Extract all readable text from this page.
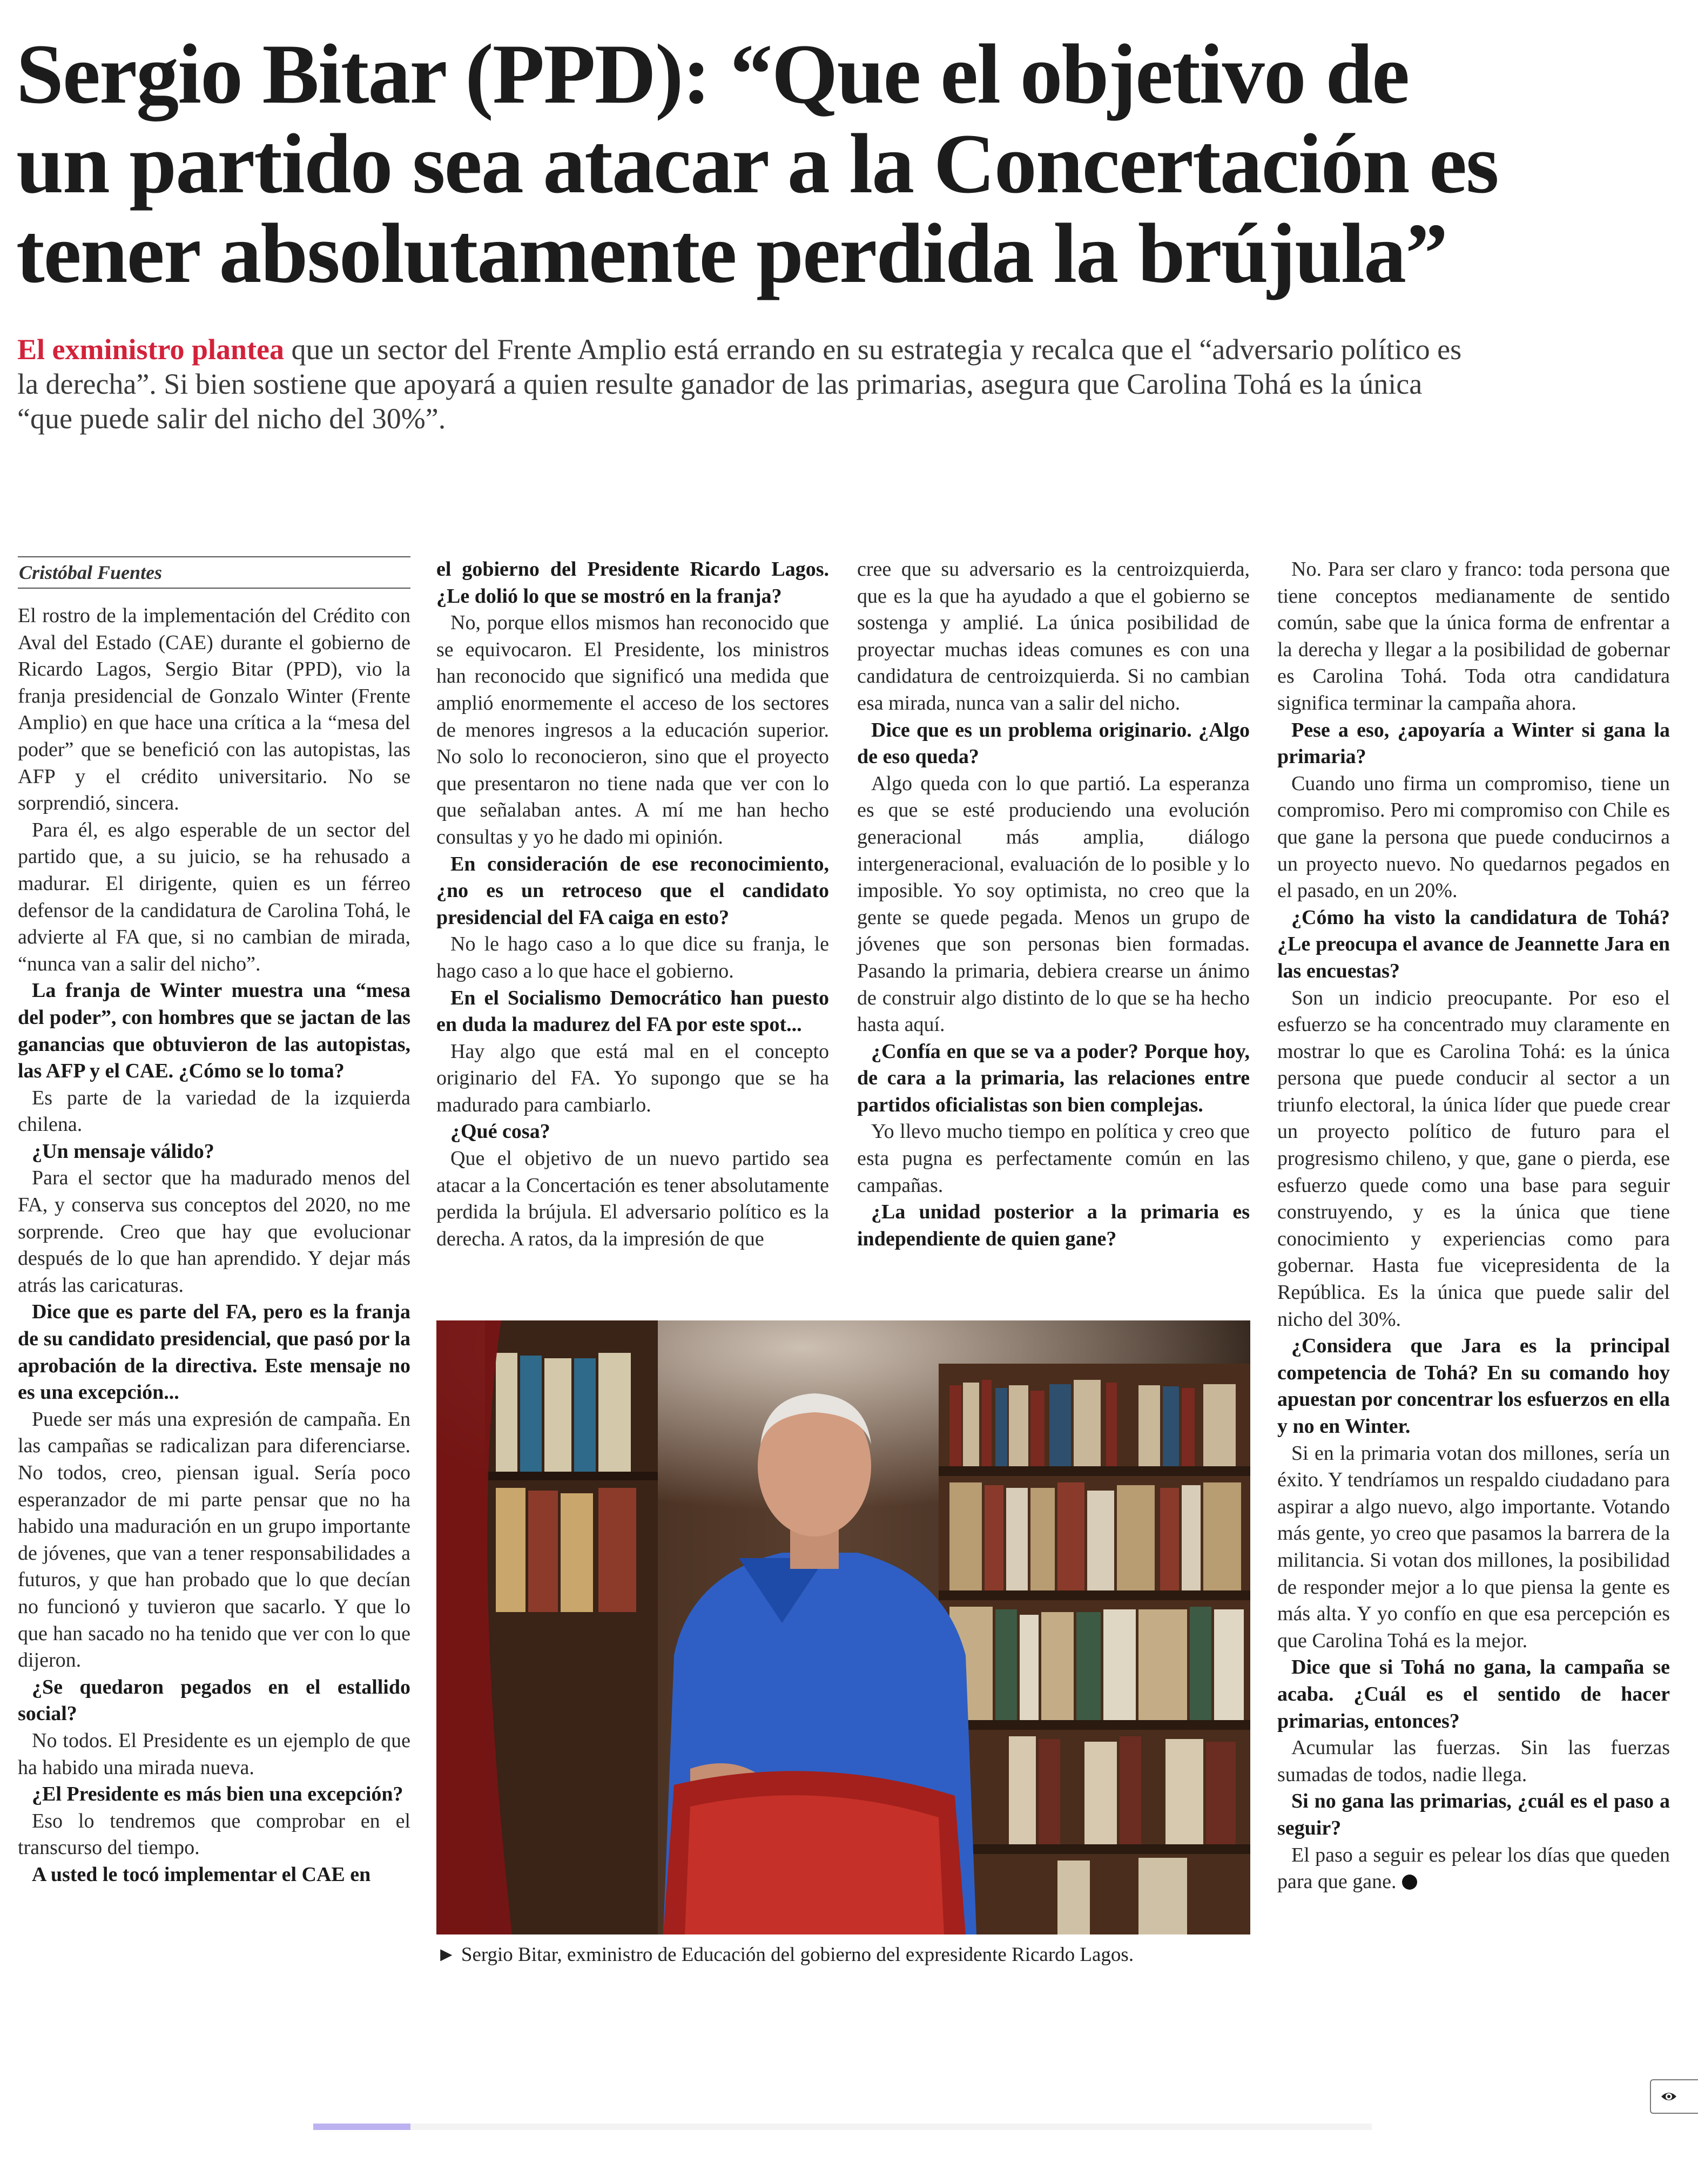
Sergio Bitar (PPD): “Que el objetivo de
un partido sea atacar a la Concertación es
tener absolutamente perdida la brújula”
El exministro plantea que un sector del Frente Amplio está errando en su estrategia y recalca que el “adversario político es la derecha”. Si bien sostiene que apoyará a quien resulte ganador de las primarias, asegura que Carolina Tohá es la única “que puede salir del nicho del 30%”.
Cristóbal Fuentes

El rostro de la implementación del Crédito con Aval del Estado (CAE) durante el gobierno de Ricardo Lagos, Sergio Bitar (PPD), vio la franja presidencial de Gonzalo Winter (Frente Amplio) en que hace una crítica a la “mesa del poder” que se benefició con las autopistas, las AFP y el crédito universitario. No se sorprendió, sincera.

Para él, es algo esperable de un sector del partido que, a su juicio, se ha rehusado a madurar. El dirigente, quien es un férreo defensor de la candidatura de Carolina Tohá, le advierte al FA que, si no cambian de mirada, “nunca van a salir del nicho”.

La franja de Winter muestra una “mesa del poder”, con hombres que se jactan de las ganancias que obtuvieron de las autopistas, las AFP y el CAE. ¿Cómo se lo toma?

Es parte de la variedad de la izquierda chilena.

¿Un mensaje válido?

Para el sector que ha madurado menos del FA, y conserva sus conceptos del 2020, no me sorprende. Creo que hay que evolucionar después de lo que han aprendido. Y dejar más atrás las caricaturas.

Dice que es parte del FA, pero es la franja de su candidato presidencial, que pasó por la aprobación de la directiva. Este mensaje no es una excepción...

Puede ser más una expresión de campaña. En las campañas se radicalizan para diferenciarse. No todos, creo, piensan igual. Sería poco esperanzador de mi parte pensar que no ha habido una maduración en un grupo importante de jóvenes, que van a tener responsabilidades a futuros, y que han probado que lo que decían no funcionó y tuvieron que sacarlo. Y que lo que han sacado no ha tenido que ver con lo que dijeron.

¿Se quedaron pegados en el estallido social?

No todos. El Presidente es un ejemplo de que ha habido una mirada nueva.

¿El Presidente es más bien una excepción?

Eso lo tendremos que comprobar en el transcurso del tiempo.

A usted le tocó implementar el CAE en

el gobierno del Presidente Ricardo Lagos. ¿Le dolió lo que se mostró en la franja?

No, porque ellos mismos han reconocido que se equivocaron. El Presidente, los ministros han reconocido que significó una medida que amplió enormemente el acceso de los sectores de menores ingresos a la educación superior. No solo lo reconocieron, sino que el proyecto que presentaron no tiene nada que ver con lo que señalaban antes. A mí me han hecho consultas y yo he dado mi opinión.

En consideración de ese reconocimiento, ¿no es un retroceso que el candidato presidencial del FA caiga en esto?

No le hago caso a lo que dice su franja, le hago caso a lo que hace el gobierno.

En el Socialismo Democrático han puesto en duda la madurez del FA por este spot...

Hay algo que está mal en el concepto originario del FA. Yo supongo que se ha madurado para cambiarlo.

¿Qué cosa?

Que el objetivo de un nuevo partido sea atacar a la Concertación es tener absolutamente perdida la brújula. El adversario político es la derecha. A ratos, da la impresión de que

cree que su adversario es la centroizquierda, que es la que ha ayudado a que el gobierno se sostenga y amplié. La única posibilidad de proyectar muchas ideas comunes es con una candidatura de centroizquierda. Si no cambian esa mirada, nunca van a salir del nicho.

Dice que es un problema originario. ¿Algo de eso queda?

Algo queda con lo que partió. La esperanza es que se esté produciendo una evolución generacional más amplia, diálogo intergeneracional, evaluación de lo posible y lo imposible. Yo soy optimista, no creo que la gente se quede pegada. Menos un grupo de jóvenes que son personas bien formadas. Pasando la primaria, debiera crearse un ánimo de construir algo distinto de lo que se ha hecho hasta aquí.

¿Confía en que se va a poder? Porque hoy, de cara a la primaria, las relaciones entre partidos oficialistas son bien complejas.

Yo llevo mucho tiempo en política y creo que esta pugna es perfectamente común en las campañas.

¿La unidad posterior a la primaria es independiente de quien gane?

No. Para ser claro y franco: toda persona que tiene conceptos medianamente de sentido común, sabe que la única forma de enfrentar a la derecha y llegar a la posibilidad de gobernar es Carolina Tohá. Toda otra candidatura significa terminar la campaña ahora.

Pese a eso, ¿apoyaría a Winter si gana la primaria?

Cuando uno firma un compromiso, tiene un compromiso. Pero mi compromiso con Chile es que gane la persona que puede conducirnos a un proyecto nuevo. No quedarnos pegados en el pasado, en un 20%.

¿Cómo ha visto la candidatura de Tohá? ¿Le preocupa el avance de Jeannette Jara en las encuestas?

Son un indicio preocupante. Por eso el esfuerzo se ha concentrado muy claramente en mostrar lo que es Carolina Tohá: es la única persona que puede conducir al sector a un triunfo electoral, la única líder que puede crear un proyecto político de futuro para el progresismo chileno, y que, gane o pierda, ese esfuerzo quede como una base para seguir construyendo, y es la única que tiene conocimiento y experiencias como para gobernar. Hasta fue vicepresidenta de la República. Es la única que puede salir del nicho del 30%.

¿Considera que Jara es la principal competencia de Tohá? En su comando hoy apuestan por concentrar los esfuerzos en ella y no en Winter.

Si en la primaria votan dos millones, sería un éxito. Y tendríamos un respaldo ciudadano para aspirar a algo nuevo, algo importante. Votando más gente, yo creo que pasamos la barrera de la militancia. Si votan dos millones, la posibilidad de responder mejor a lo que piensa la gente es más alta. Y yo confío en que esa percepción es que Carolina Tohá es la mejor.

Dice que si Tohá no gana, la campaña se acaba. ¿Cuál es el sentido de hacer primarias, entonces?

Acumular las fuerzas. Sin las fuerzas sumadas de todos, nadie llega.

Si no gana las primarias, ¿cuál es el paso a seguir?

El paso a seguir es pelear los días que queden para que gane.

► Sergio Bitar, exministro de Educación del gobierno del expresidente Ricardo Lagos.
